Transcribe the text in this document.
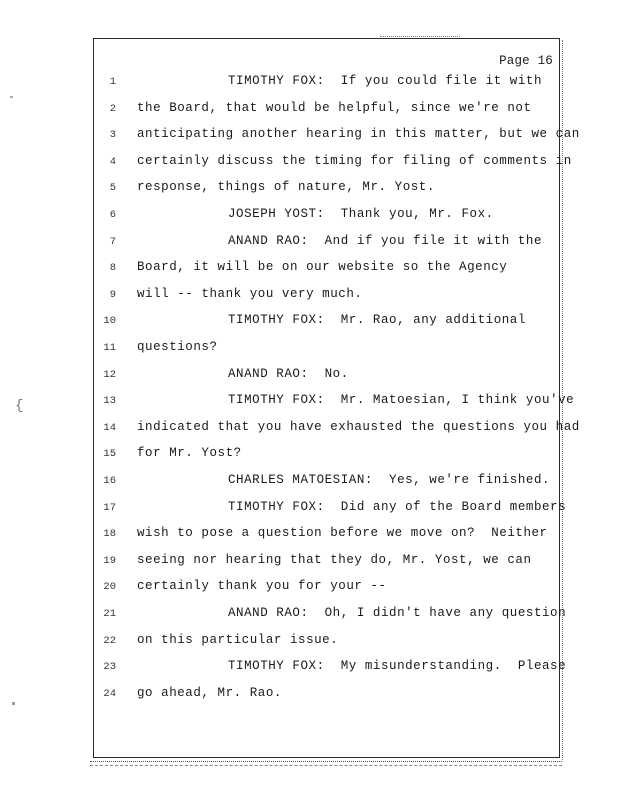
{
Page 16
1	TIMOTHY FOX:  If you could file it with
2 the Board, that would be helpful, since we're not
3 anticipating another hearing in this matter, but we can
4 certainly discuss the timing for filing of comments in
5 response, things of nature, Mr. Yost.
6	JOSEPH YOST:  Thank you, Mr. Fox.
7	ANAND RAO:  And if you file it with the
8 Board, it will be on our website so the Agency
9 will -- thank you very much.
10	TIMOTHY FOX:  Mr. Rao, any additional
11 questions?
12	ANAND RAO:  No.
13	TIMOTHY FOX:  Mr. Matoesian, I think you've
14 indicated that you have exhausted the questions you had
15 for Mr. Yost?
16	CHARLES MATOESIAN:  Yes, we're finished.
17	TIMOTHY FOX:  Did any of the Board members
18 wish to pose a question before we move on?  Neither
19 seeing nor hearing that they do, Mr. Yost, we can
20 certainly thank you for your --
21	ANAND RAO:  Oh, I didn't have any question
22 on this particular issue.
23	TIMOTHY FOX:  My misunderstanding.  Please
24 go ahead, Mr. Rao.
